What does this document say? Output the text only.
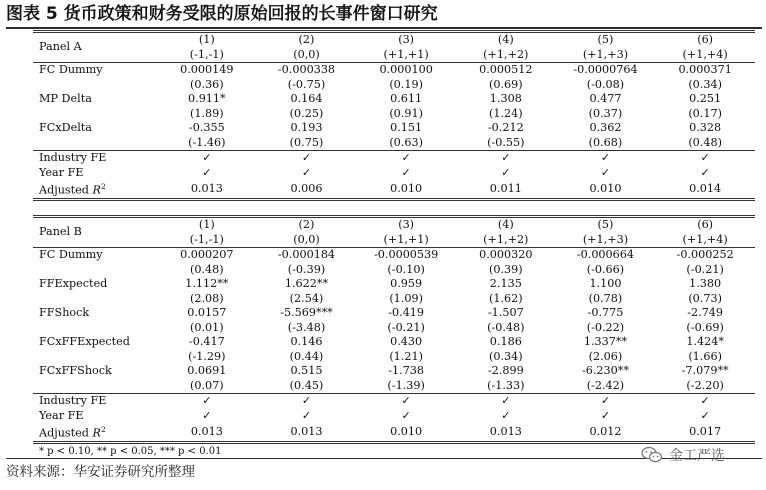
图表 5 货币政策和财务受限的原始回报的长事件窗口研究
Panel A	(1)	(2)	(3)	(4)	(5)	(6)
	(-1,-1)	(0,0)	(+1,+1)	(+1,+2)	(+1,+3)	(+1,+4)
FC Dummy	0.000149	-0.000338	0.000100	0.000512	-0.0000764	0.000371
	(0.36)	(-0.75)	(0.19)	(0.69)	(-0.08)	(0.34)
MP Delta	0.911*	0.164	0.611	1.308	0.477	0.251
	(1.89)	(0.25)	(0.91)	(1.24)	(0.37)	(0.17)
FCxDelta	-0.355	0.193	0.151	-0.212	0.362	0.328
	(-1.46)	(0.75)	(0.63)	(-0.55)	(0.68)	(0.48)
Industry FE	✓	✓	✓	✓	✓	✓
Year FE	✓	✓	✓	✓	✓	✓
Adjusted $R^2$	0.013	0.006	0.010	0.011	0.010	0.014
Panel B	(1)	(2)	(3)	(4)	(5)	(6)
	(-1,-1)	(0,0)	(+1,+1)	(+1,+2)	(+1,+3)	(+1,+4)
FC Dummy	0.000207	-0.000184	-0.0000539	0.000320	-0.000664	-0.000252
	(0.48)	(-0.39)	(-0.10)	(0.39)	(-0.66)	(-0.21)
FFExpected	1.112**	1.622**	0.959	2.135	1.100	1.380
	(2.08)	(2.54)	(1.09)	(1.62)	(0.78)	(0.73)
FFShock	0.0157	-5.569***	-0.419	-1.507	-0.775	-2.749
	(0.01)	(-3.48)	(-0.21)	(-0.48)	(-0.22)	(-0.69)
FCxFFExpected	-0.417	0.146	0.430	0.186	1.337**	1.424*
	(-1.29)	(0.44)	(1.21)	(0.34)	(2.06)	(1.66)
FCxFFShock	0.0691	0.515	-1.738	-2.899	-6.230**	-7.079**
	(0.07)	(0.45)	(-1.39)	(-1.33)	(-2.42)	(-2.20)
Industry FE	✓	✓	✓	✓	✓	✓
Year FE	✓	✓	✓	✓	✓	✓
Adjusted $R^2$	0.013	0.013	0.010	0.013	0.012	0.017
* p < 0.10, ** p < 0.05, *** p < 0.01
资料来源：华安证券研究所整理
金工严选
